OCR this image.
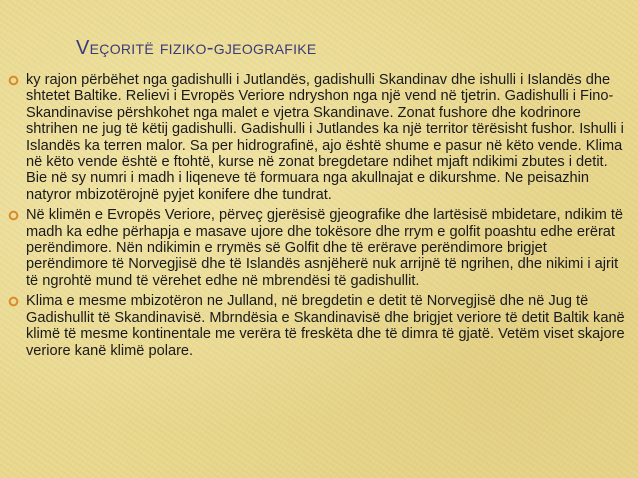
Veçoritë fiziko-gjeografike
ky rajon përbëhet nga gadishulli i Jutlandës, gadishulli Skandinav dhe ishulli i Islandës dhe shtetet Baltike. Relievi i Evropës Veriore ndryshon nga një vend në tjetrin. Gadishulli i Fino-Skandinavise përshkohet nga malet e vjetra Skandinave. Zonat fushore dhe kodrinore shtrihen ne jug të këtij gadishulli. Gadishulli i Jutlandes ka një territor tërësisht fushor. Ishulli i Islandës ka terren malor. Sa per hidrografinë, ajo është shume e pasur në këto vende. Klima në këto vende është e ftohtë, kurse në zonat bregdetare ndihet mjaft ndikimi zbutes i detit. Bie në sy numri i madh i liqeneve të formuara nga akullnajat e dikurshme. Ne peisazhin natyror mbizotërojnë pyjet konifere dhe tundrat.
Në klimën e Evropës Veriore, përveç gjerësisë gjeografike dhe lartësisë mbidetare, ndikim të madh ka edhe përhapja e masave ujore dhe tokësore dhe rrym e golfit poashtu edhe erërat perëndimore. Nën ndikimin e rrymës së Golfit dhe të erërave perëndimore brigjet perëndimore të Norvegjisë dhe të Islandës asnjëherë nuk arrijnë të ngrihen, dhe nikimi i ajrit të ngrohtë mund të vërehet edhe në mbrendësi të gadishullit.
Klima e mesme mbizotëron ne Julland, në bregdetin e detit të Norvegjisë dhe në Jug të Gadishullit të Skandinavisë. Mbrndësia e Skandinavisë dhe brigjet veriore të detit Baltik kanë klimë të mesme kontinentale me verëra të freskëta dhe të dimra të gjatë. Vetëm viset skajore veriore kanë klimë polare.
